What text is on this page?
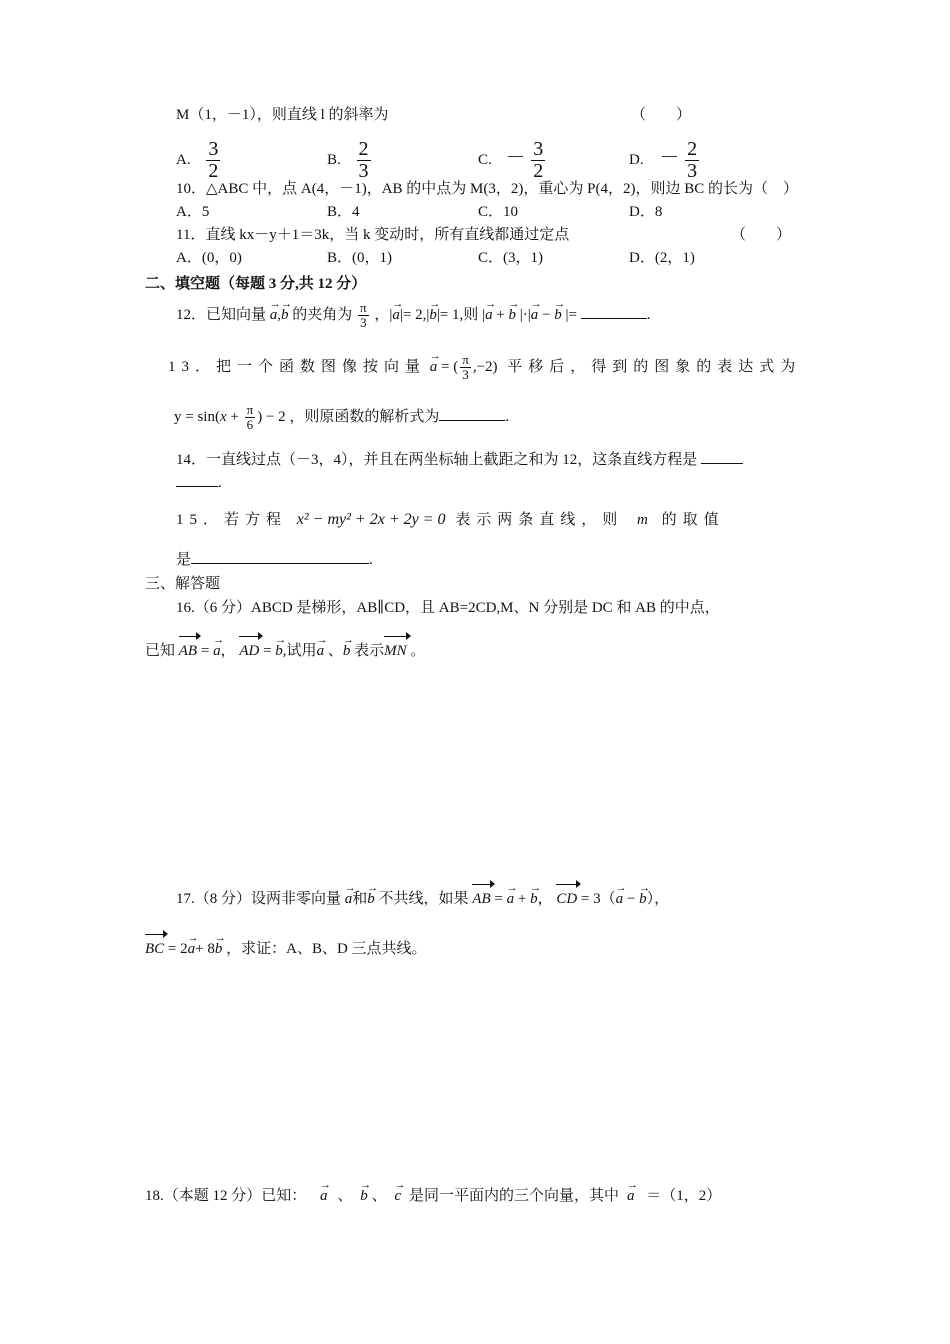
M（1，－1），则直线 l 的斜率为	（　　）
A. $\frac{3}{2}$	B. $\frac{2}{3}$	C. － $\frac{3}{2}$	D. － $\frac{2}{3}$
10．△ABC 中，点 A(4，－1)，AB 的中点为 M(3，2)，重心为 P(4，2)，则边 BC 的长为（　）
A．5	B．4	C．10	D．8
11．直线 kx－y＋1＝3k，当 k 变动时，所有直线都通过定点	（　　）
A．(0，0)	B．(0，1)	C．(3，1)	D．(2，1)
二、填空题（每题 3 分,共 12 分）
12．已知向量 → a,→ b 的夹角为 $\frac{\pi}{3}$ ，|→ a|= 2,|→ b|= 1,则 |→ a + → b |·|→ a − → b |=	.
13．把一个函数图像按向量 → a = ( $\frac{\pi}{3} ,-2$) 平移后，得到的图象的表达式为
$y = \sin(x + \frac{\pi}{6}$ ) − 2 ，则原函数的解析式为	.
14．一直线过点（－3，4），并且在两坐标轴上截距之和为 12，这条直线方程是
.
15．若方程 x² − my² + 2x + 2y = 0 表示两条直线，则 m 的取值
是	.
三、解答题
16.（6 分）ABCD 是梯形，AB∥CD，且 AB=2CD,M、N 分别是 DC 和 AB 的中点，
已知 AB = → a， AD = → b,试用→ a 、→ b 表示MN 。
17.（8 分）设两非零向量 → a和→ b 不共线，如果 AB = → a + → b， CD = 3（→ a − → b），
BC = 2→ a+ 8→ b ，求证：A、B、D 三点共线。
18.（本题 12 分）已知： → a 、 → b 、 → c 是同一平面内的三个向量，其中 → a ＝（1，2）
